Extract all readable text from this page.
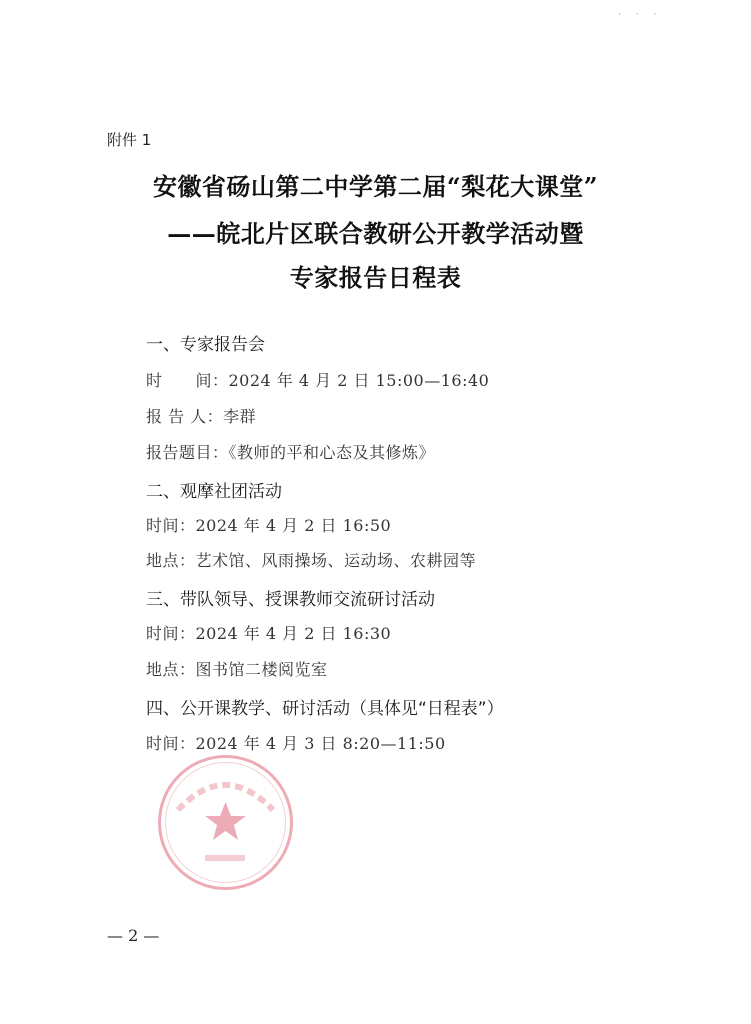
· · ·
附件 1
安徽省砀山第二中学第二届“梨花大课堂”
——皖北片区联合教研公开教学活动暨
专家报告日程表
一、专家报告会
时　　间：2024 年 4 月 2 日 15:00—16:40
报 告 人：李群
报告题目：《教师的平和心态及其修炼》
二、观摩社团活动
时间：2024 年 4 月 2 日 16:50
地点：艺术馆、风雨操场、运动场、农耕园等
三、带队领导、授课教师交流研讨活动
时间：2024 年 4 月 2 日 16:30
地点：图书馆二楼阅览室
四、公开课教学、研讨活动（具体见“日程表”）
时间：2024 年 4 月 3 日 8:20—11:50
— 2 —
